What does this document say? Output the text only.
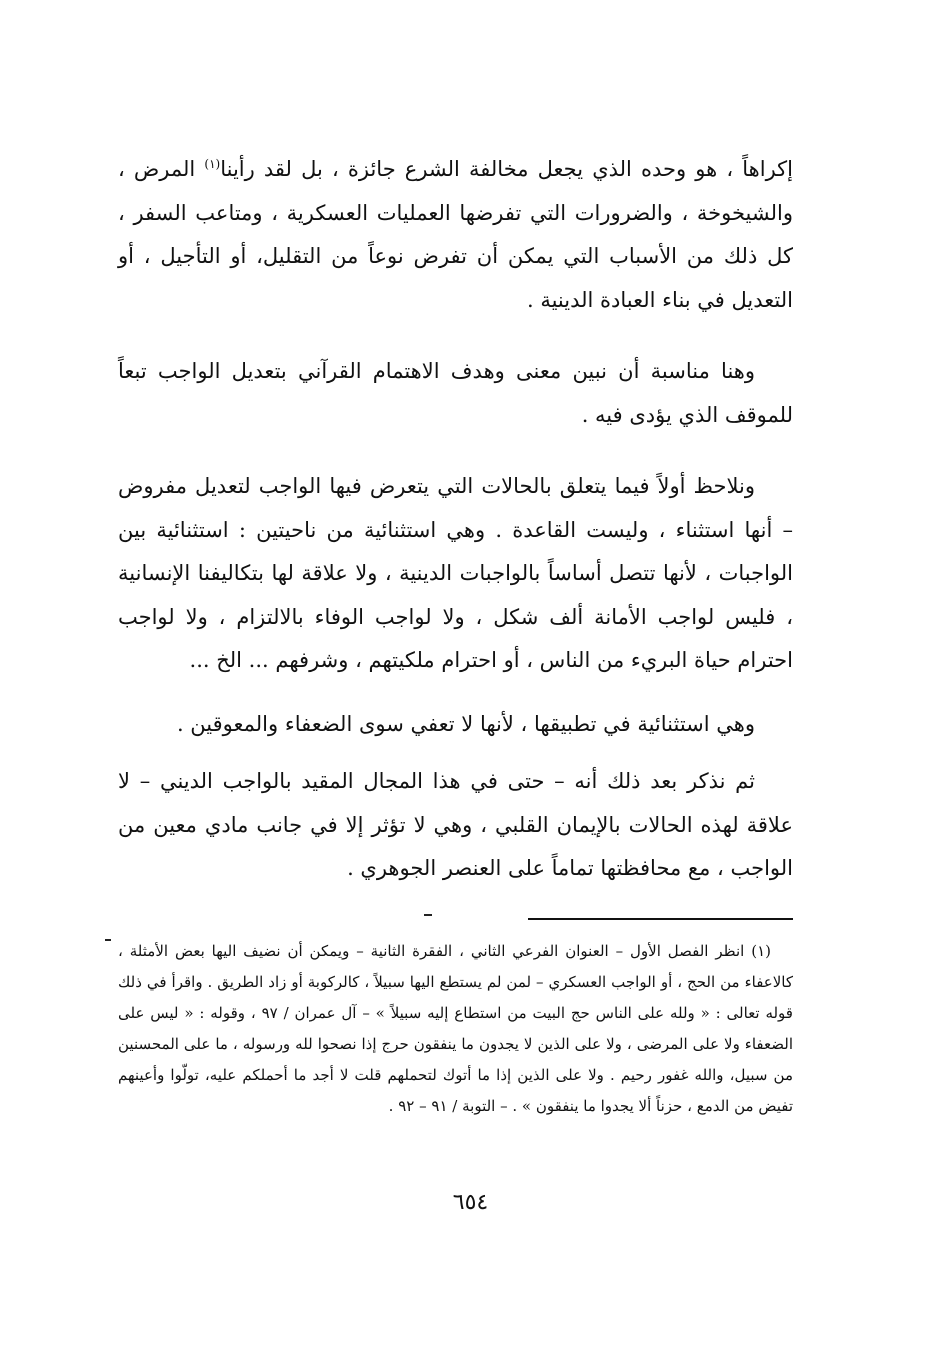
إكراهاً ، هو وحده الذي يجعل مخالفة الشرع جائزة ، بل لقد رأينا$^{(١)}$ المرض ، والشيخوخة ، والضرورات التي تفرضها العمليات العسكرية ، ومتاعب السفر ، كل ذلك من الأسباب التي يمكن أن تفرض نوعاً من التقليل، أو التأجيل ، أو التعديل في بناء العبادة الدينية .

وهنا مناسبة أن نبين معنى وهدف الاهتمام القرآني بتعديل الواجب تبعاً للموقف الذي يؤدى فيه .

ونلاحظ أولاً فيما يتعلق بالحالات التي يتعرض فيها الواجب لتعديل مفروض – أنها استثناء ، وليست القاعدة . وهي استثنائية من ناحيتين : استثنائية بين الواجبات ، لأنها تتصل أساساً بالواجبات الدينية ، ولا علاقة لها بتكاليفنا الإنسانية ، فليس لواجب الأمانة ألف شكل ، ولا لواجب الوفاء بالالتزام ، ولا لواجب احترام حياة البريء من الناس ، أو احترام ملكيتهم ، وشرفهم ... الخ ...

وهي استثنائية في تطبيقها ، لأنها لا تعفي سوى الضعفاء والمعوقين .

ثم نذكر بعد ذلك أنه – حتى في هذا المجال المقيد بالواجب الديني – لا علاقة لهذه الحالات بالإيمان القلبي ، وهي لا تؤثر إلا في جانب مادي معين من الواجب ، مع محافظتها تماماً على العنصر الجوهري .

(١) انظر الفصل الأول – العنوان الفرعي الثاني ، الفقرة الثانية – ويمكن أن نضيف اليها بعض الأمثلة ، كالاعفاء من الحج ، أو الواجب العسكري – لمن لم يستطع اليها سبيلاً ، كالركوبة أو زاد الطريق . واقرأ في ذلك قوله تعالى : « ولله على الناس حج البيت من استطاع إليه سبيلاً » – آل عمران / ٩٧ ، وقوله : « ليس على الضعفاء ولا على المرضى ، ولا على الذين لا يجدون ما ينفقون حرج إذا نصحوا لله ورسوله ، ما على المحسنين من سبيل، والله غفور رحيم . ولا على الذين إذا ما أتوك لتحملهم قلت لا أجد ما أحملكم عليه، تولّوا وأعينهم تفيض من الدمع ، حزناً ألا يجدوا ما ينفقون » . – التوبة / ٩١ – ٩٢ .

٦٥٤
